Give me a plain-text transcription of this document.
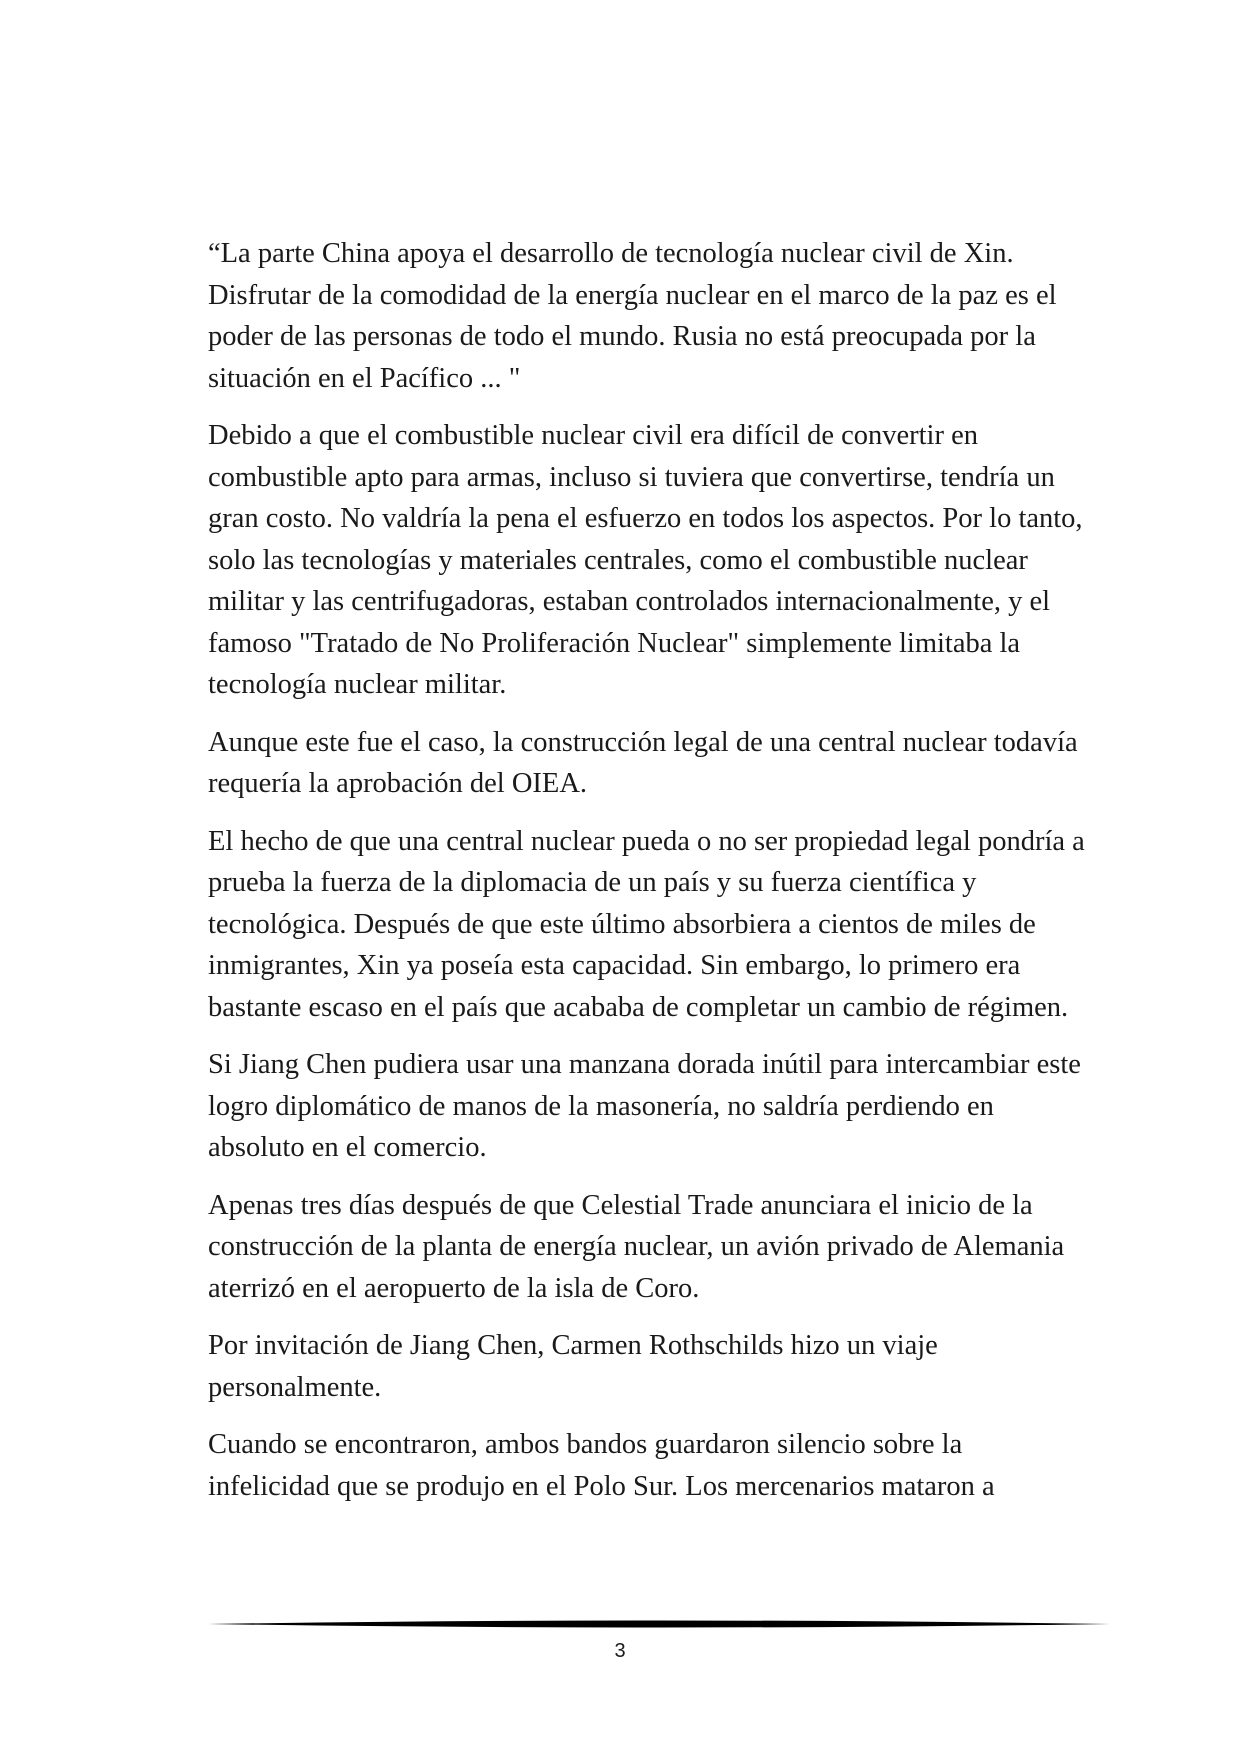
“La parte China apoya el desarrollo de tecnología nuclear civil de Xin. Disfrutar de la comodidad de la energía nuclear en el marco de la paz es el poder de las personas de todo el mundo. Rusia no está preocupada por la situación en el Pacífico ... "

Debido a que el combustible nuclear civil era difícil de convertir en combustible apto para armas, incluso si tuviera que convertirse, tendría un gran costo. No valdría la pena el esfuerzo en todos los aspectos. Por lo tanto, solo las tecnologías y materiales centrales, como el combustible nuclear militar y las centrifugadoras, estaban controlados internacionalmente, y el famoso "Tratado de No Proliferación Nuclear" simplemente limitaba la tecnología nuclear militar.

Aunque este fue el caso, la construcción legal de una central nuclear todavía requería la aprobación del OIEA.

El hecho de que una central nuclear pueda o no ser propiedad legal pondría a prueba la fuerza de la diplomacia de un país y su fuerza científica y tecnológica. Después de que este último absorbiera a cientos de miles de inmigrantes, Xin ya poseía esta capacidad. Sin embargo, lo primero era bastante escaso en el país que acababa de completar un cambio de régimen.

Si Jiang Chen pudiera usar una manzana dorada inútil para intercambiar este logro diplomático de manos de la masonería, no saldría perdiendo en absoluto en el comercio.

Apenas tres días después de que Celestial Trade anunciara el inicio de la construcción de la planta de energía nuclear, un avión privado de Alemania aterrizó en el aeropuerto de la isla de Coro.

Por invitación de Jiang Chen, Carmen Rothschilds hizo un viaje personalmente.

Cuando se encontraron, ambos bandos guardaron silencio sobre la infelicidad que se produjo en el Polo Sur. Los mercenarios mataron a

3
